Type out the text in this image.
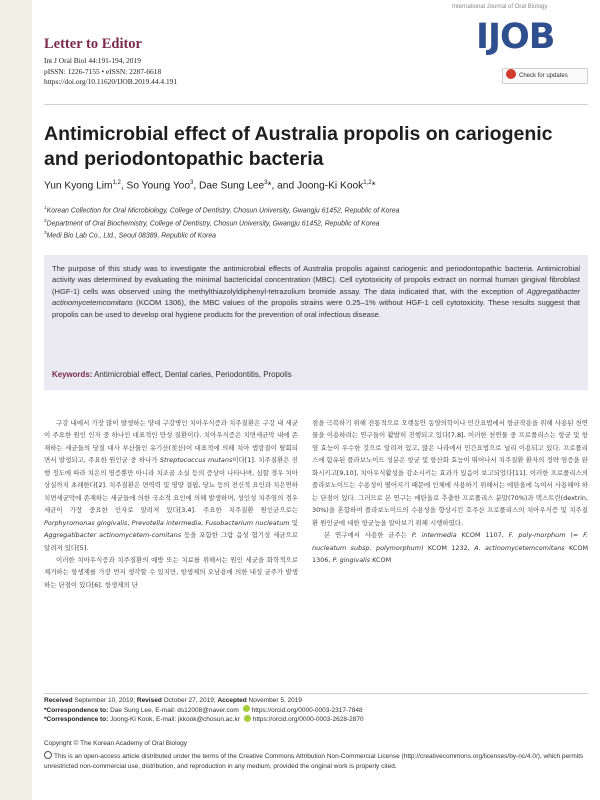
International Journal of Oral Biology
IJOB
Check for updates
Letter to Editor
Int J Oral Biol 44:191-194, 2019
pISSN: 1226-7155 • eISSN: 2287-6618
https://doi.org/10.11620/IJOB.2019.44.4.191
Antimicrobial effect of Australia propolis on cariogenic and periodontopathic bacteria
Yun Kyong Lim$^{1,2}$, So Young Yoo$^3$, Dae Sung Lee$^3$*, and Joong-Ki Kook$^{1,2}$*
$^1$Korean Collection for Oral Microbiology, College of Dentistry, Chosun University, Gwangju 61452, Republic of Korea
$^2$Department of Oral Biochemistry, College of Dentistry, Chosun University, Gwangju 61452, Republic of Korea
$^3$Medi Bio Lab Co., Ltd., Seoul 08389, Republic of Korea
The purpose of this study was to investigate the antimicrobial effects of Australia propolis against cariogenic and periodontopathic bacteria. Antimicrobial activity was determined by evaluating the minimal bactericidal concentration (MBC). Cell cytotoxicity of propolis extract on normal human gingival fibroblast (HGF-1) cells was observed using the methylthiazolyldiphenyl-tetrazolium bromide assay. The data indicated that, with the exception of Aggregatibacter actinomycetemcomitans (KCOM 1306), the MBC values of the propolis strains were 0.25–1% without HGF-1 cell cytotoxicity. These results suggest that propolis can be used to develop oral hygiene products for the prevention of oral infectious disease.
Keywords: Antimicrobial effect, Dental caries, Periodontitis, Propolis

구강 내에서 가장 많이 발생하는 양대 구강병인 치아우식증과 치주질환은 구강 내 세균이 주요한 원인 인자 중 하나인 대표적인 만성 질환이다. 치아우식증은 치면세균막 내에 존재하는 세균들의 당질 대사 부산물인 유기산(젖산)이 대표적에 의해 치아 법랑질이 탈회되면서 발생되고, 주요한 원인균 중 하나가 Streptococcus mutans이다[1]. 치주질환은 진행 정도에 따라 치은의 염증뿐만 아니라 치조골 소실 등의 증상이 나타나며, 심할 경우 치아 상실까지 초래한다[2]. 치주질환은 면역력 및 영양 결핍, 당뇨 등의 전신적 요인과 치은연하 치면세균막에 존재하는 세균들에 의한 국소적 요인에 의해 발생하며, 성인성 치주염의 경우 세균이 가장 중요한 인자로 알려져 있다[3,4]. 주요한 치주질환 원인균으로는 Porphyromonas gingivalis, Prevotella intermedia, Fusobacterium nucleatum 및 Aggregatibacter actinomycetem-comitans 등을 포함한 그람 음성 혐기성 세균으로 알려져 있다[5].

이러한 치아우식증과 치주질환의 예방 또는 치료를 위해서는 원인 세균을 화학적으로 제거하는 항생제를 가장 먼저 생각할 수 있지만, 항생제의 오남용에 의한 내성 균주가 발생하는 단점이 있다[6]. 항생제의 단

점을 극복하기 위해 전통적으로 오랫동안 동양의학이나 민간요법에서 항균작용을 위해 사용된 천연물을 이용하려는 연구들이 활발히 진행되고 있다[7,8]. 이러한 천연물 중 프로폴리스는 항균 및 항염 효능이 우수한 것으로 알려져 있고, 많은 나라에서 민간요법으로 널리 이용되고 있다. 프로폴리스에 함유된 플라보노이드 성분은 항균 및 항산화 효능이 뛰어나서 치주질환 환자의 정략 염증을 완화시키고[9,10], 치아우식활성을 감소시키는 효과가 있음이 보고되었다[11]. 이러한 프로폴리스의 플라보노이드는 수용성이 떨어지기 때문에 인체에 사용하기 위해서는 에탄올에 녹여서 사용해야 하는 단점이 있다. 그러므로 본 연구는 에탄올로 추출한 프로폴리스 분말(70%)과 덱스트린(dextrin, 30%)을 혼합하여 플라보노이드의 수용성을 향상시킨 호주산 프로폴리스의 치아우식증 및 치주질환 원인균에 대한 항균능을 알아보기 위해 시행하였다.

본 연구에서 사용한 균주는 P. intermedia KCOM 1107, F. poly-morphum (= F. nucleatum subsp. polymorphum) KCOM 1232, A. actinomycetemcomitans KCOM 1306, P. gingivalis KCOM

Received September 10, 2019; Revised October 27, 2019; Accepted November 5, 2019
*Correspondence to: Dae Sung Lee, E-mail: ds12008@naver.com https://orcid.org/0000-0003-2317-7848
*Correspondence to: Joong-Ki Kook, E-mail: jkkook@chosun.ac.kr https://orcid.org/0000-0003-2628-2870
Copyright © The Korean Academy of Oral Biology
This is an open-access article distributed under the terms of the Creative Commons Attribution Non-Commercial License (http://creativecommons.org/licenses/by-nc/4.0/), which permits unrestricted non-commercial use, distribution, and reproduction in any medium, provided the original work is properly cited.
